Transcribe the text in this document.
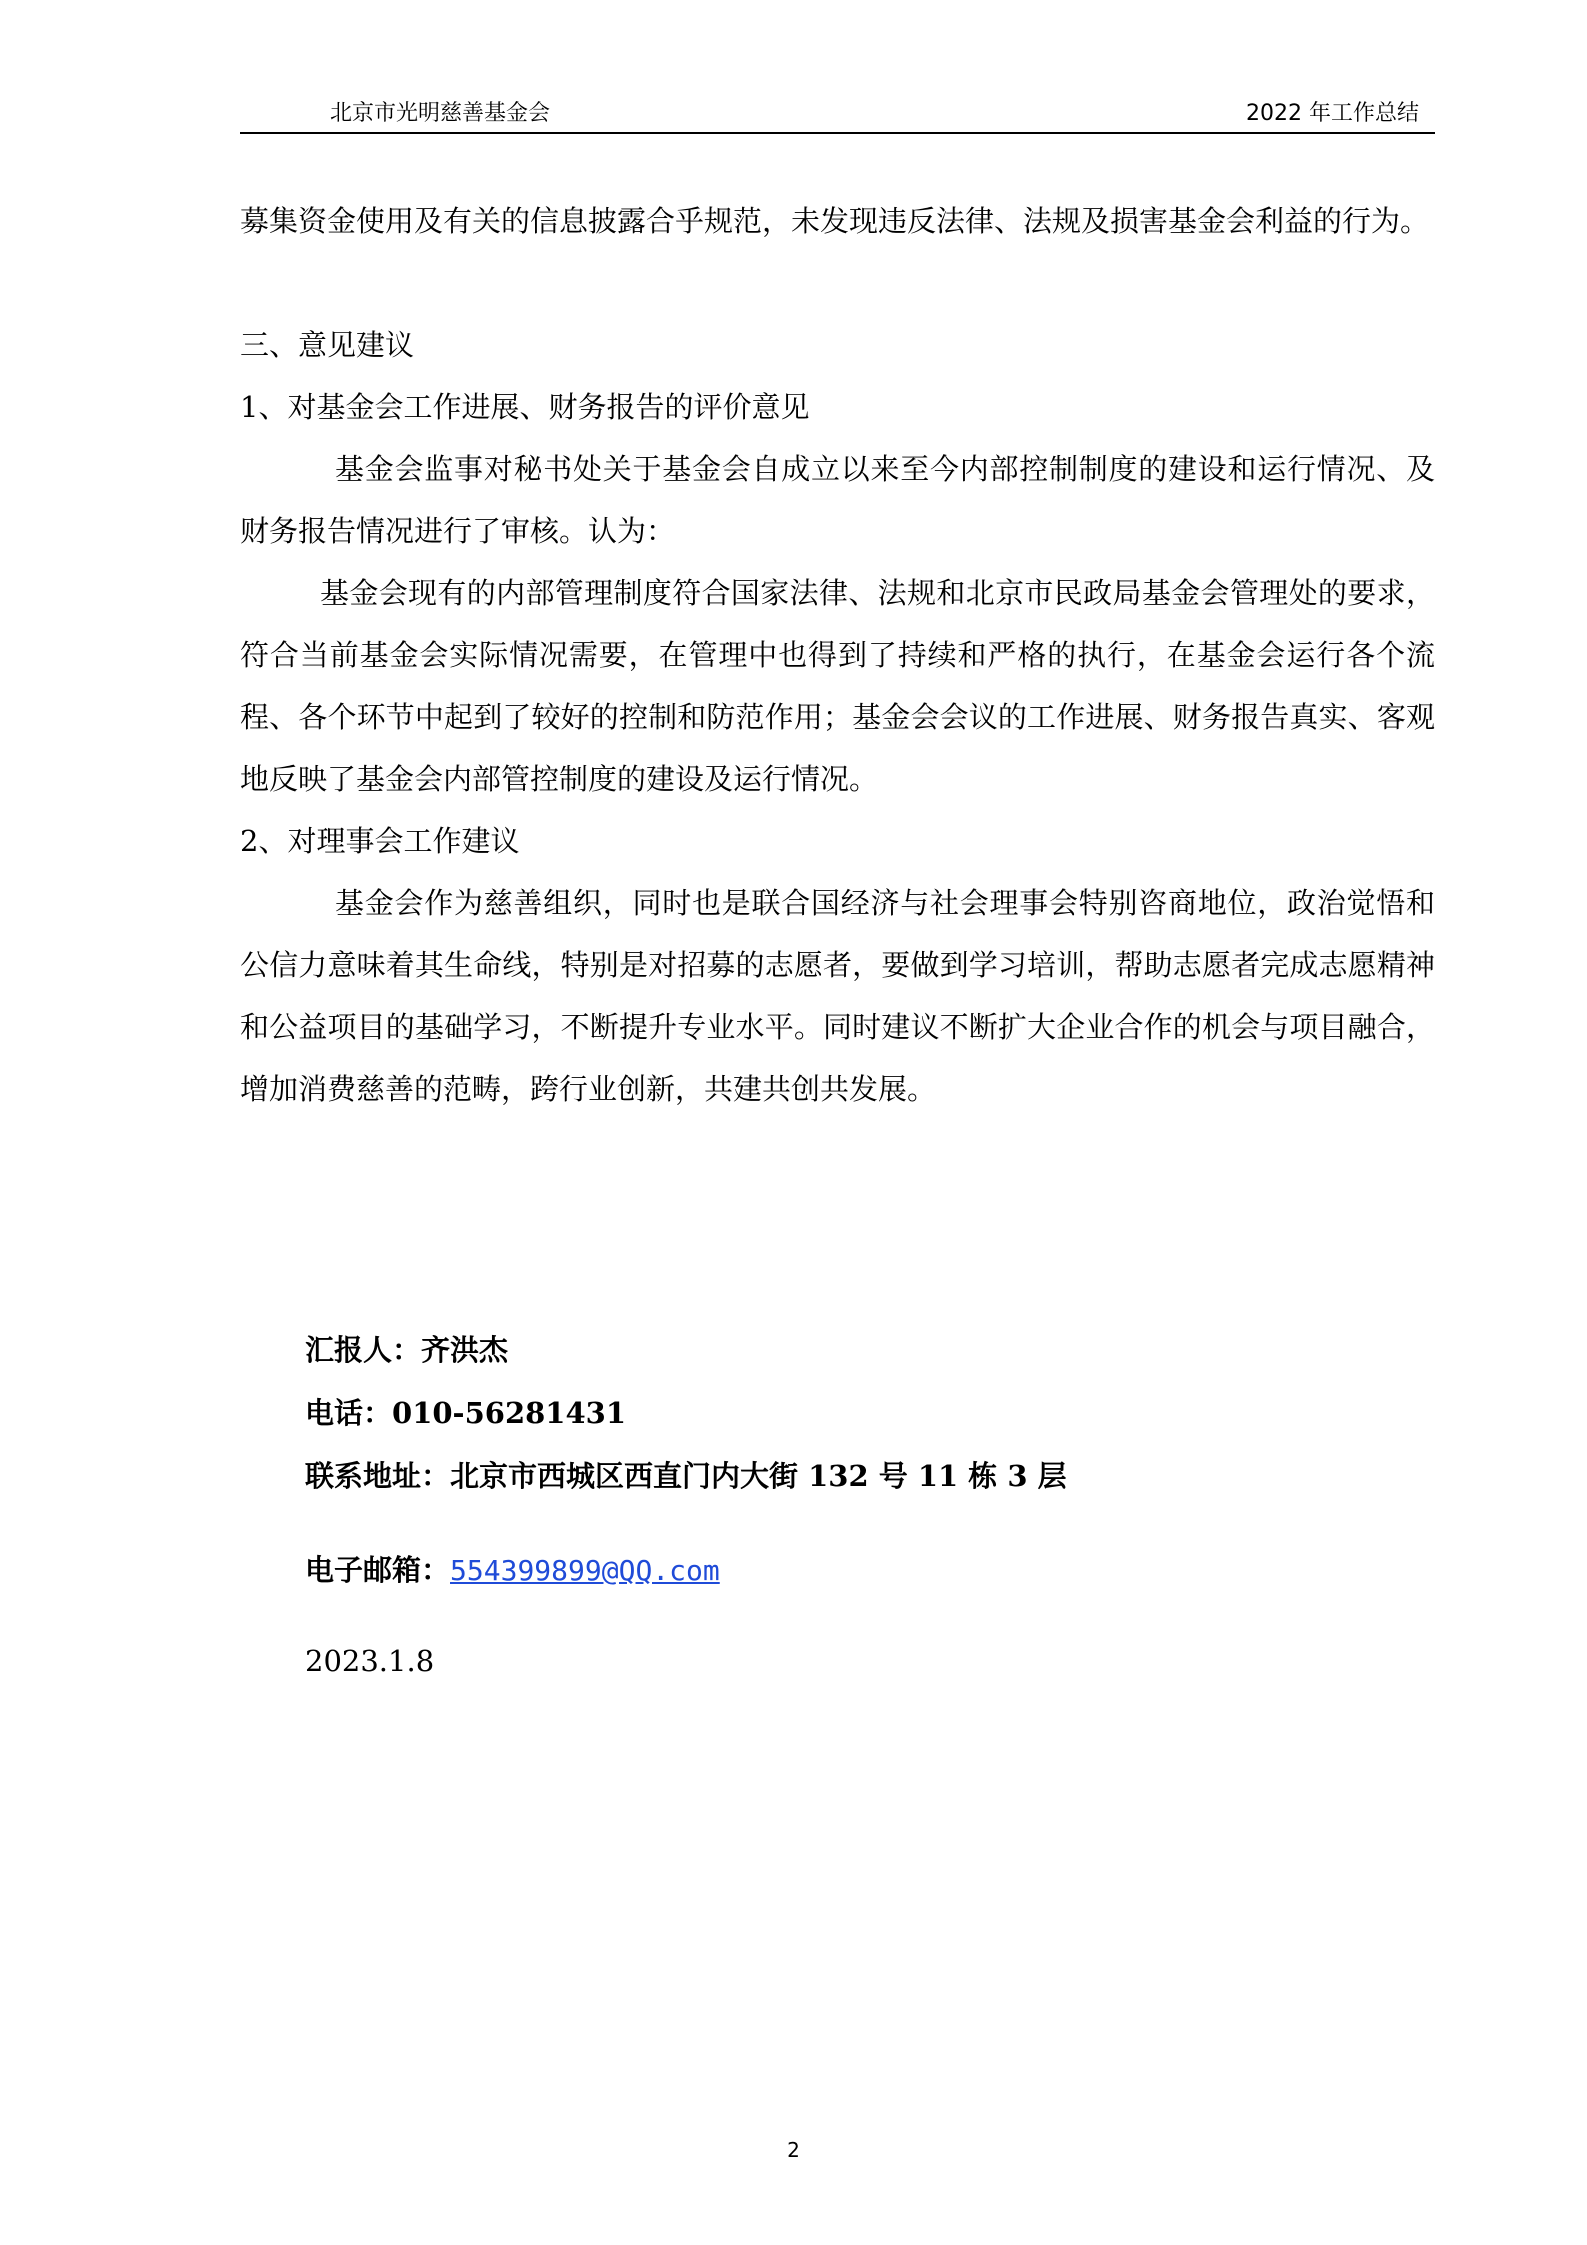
北京市光明慈善基金会	2022 年工作总结

募集资金使用及有关的信息披露合乎规范，未发现违反法律、法规及损害基金会利益的行为。

三、意见建议

1、对基金会工作进展、财务报告的评价意见

基金会监事对秘书处关于基金会自成立以来至今内部控制制度的建设和运行情况、及财务报告情况进行了审核。认为：

基金会现有的内部管理制度符合国家法律、法规和北京市民政局基金会管理处的要求，符合当前基金会实际情况需要，在管理中也得到了持续和严格的执行，在基金会运行各个流程、各个环节中起到了较好的控制和防范作用；基金会会议的工作进展、财务报告真实、客观地反映了基金会内部管控制度的建设及运行情况。

2、对理事会工作建议

基金会作为慈善组织，同时也是联合国经济与社会理事会特别咨商地位，政治觉悟和公信力意味着其生命线，特别是对招募的志愿者，要做到学习培训，帮助志愿者完成志愿精神和公益项目的基础学习，不断提升专业水平。同时建议不断扩大企业合作的机会与项目融合，增加消费慈善的范畴，跨行业创新，共建共创共发展。

汇报人：齐洪杰
电话：010-56281431
联系地址：北京市西城区西直门内大街 132 号 11 栋 3 层
电子邮箱：554399899@QQ.com
2023.1.8
2
